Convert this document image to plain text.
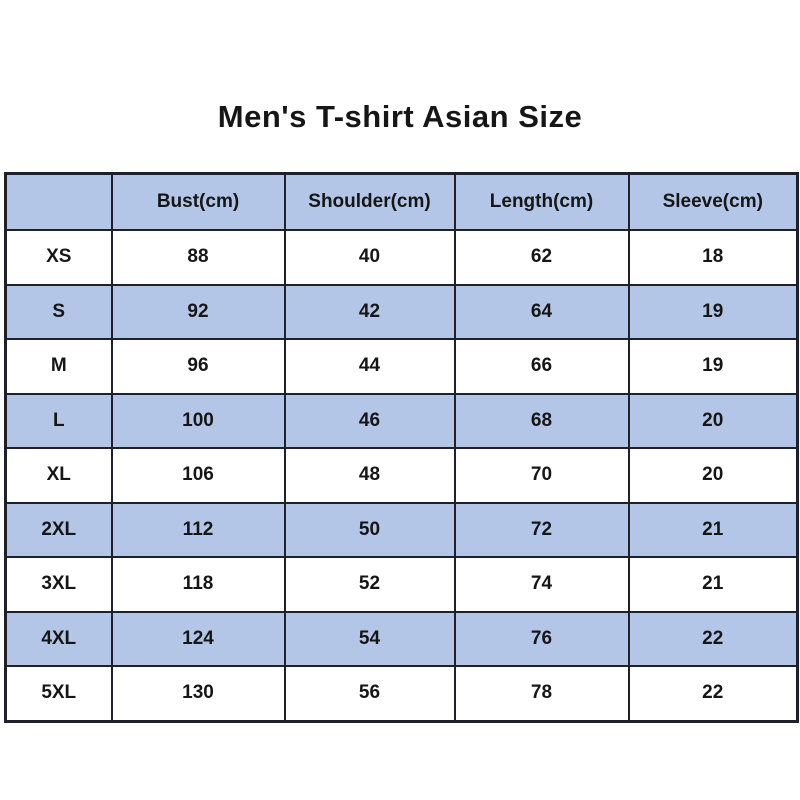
Men's T-shirt Asian Size
	Bust(cm)	Shoulder(cm)	Length(cm)	Sleeve(cm)
XS	88	40	62	18
S	92	42	64	19
M	96	44	66	19
L	100	46	68	20
XL	106	48	70	20
2XL	112	50	72	21
3XL	118	52	74	21
4XL	124	54	76	22
5XL	130	56	78	22
